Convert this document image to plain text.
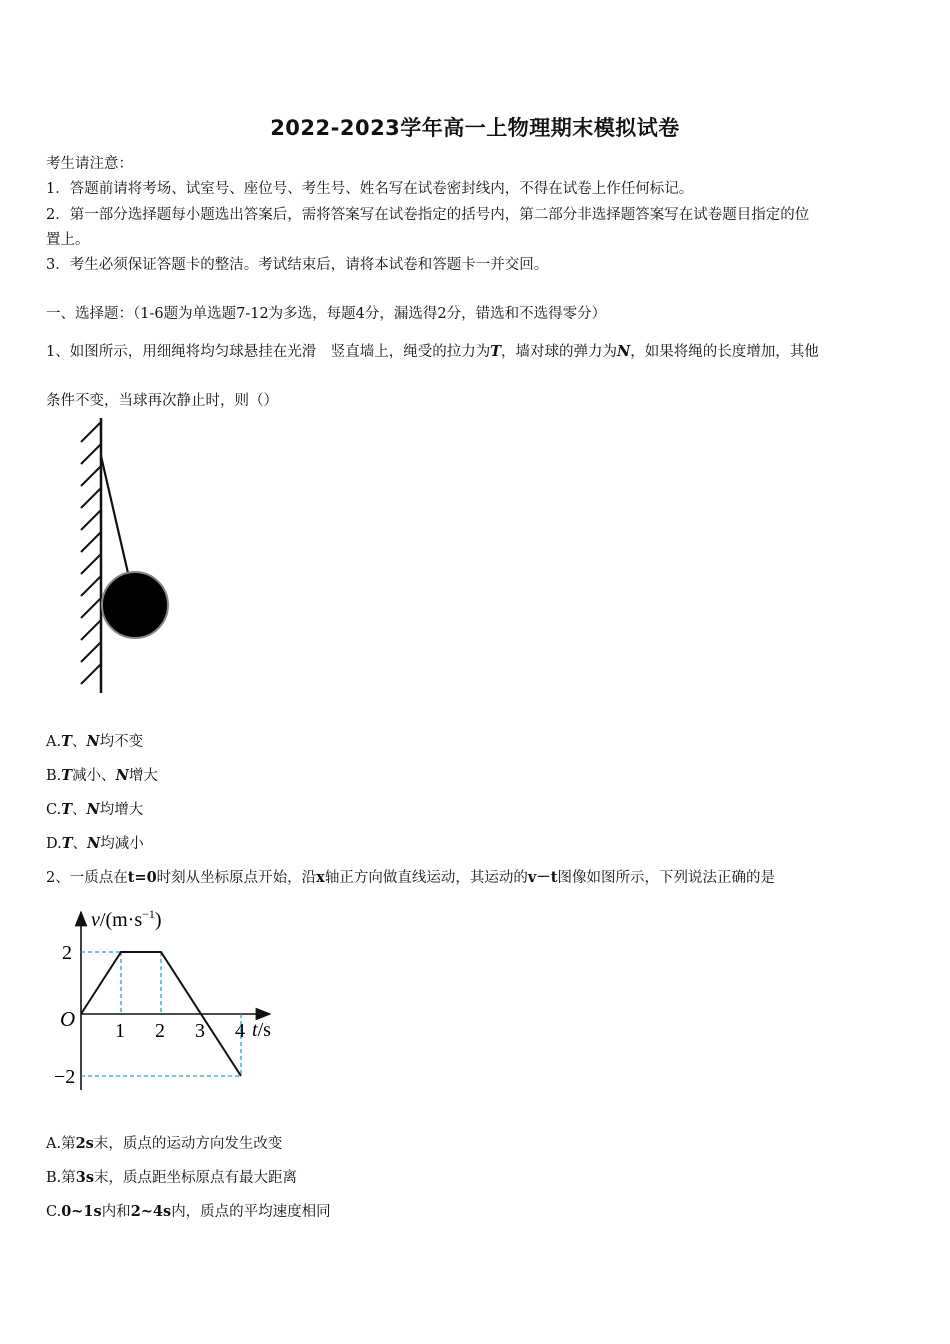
2022-2023学年高一上物理期末模拟试卷
考生请注意：
1．答题前请将考场、试室号、座位号、考生号、姓名写在试卷密封线内，不得在试卷上作任何标记。
2．第一部分选择题每小题选出答案后，需将答案写在试卷指定的括号内，第二部分非选择题答案写在试卷题目指定的位
置上。
3．考生必须保证答题卡的整洁。考试结束后，请将本试卷和答题卡一并交回。
一、选择题：（1-6题为单选题7-12为多选，每题4分，漏选得2分，错选和不选得零分）
1、如图所示，用细绳将均匀球悬挂在光滑　竖直墙上，绳受的拉力为T，墙对球的弹力为N，如果将绳的长度增加，其他
条件不变，当球再次静止时，则（）
A.T、N均不变
B.T减小、N增大
C.T、N均增大
D.T、N均减小
2、一质点在t=0时刻从坐标原点开始，沿x轴正方向做直线运动，其运动的v－t图像如图所示，下列说法正确的是
$v/(m\cdot s^{-1})$
t/s
O
2
−2
1 2 3 4
A.第2s末，质点的运动方向发生改变
B.第3s末，质点距坐标原点有最大距离
C.0~1s内和2~4s内，质点的平均速度相同
